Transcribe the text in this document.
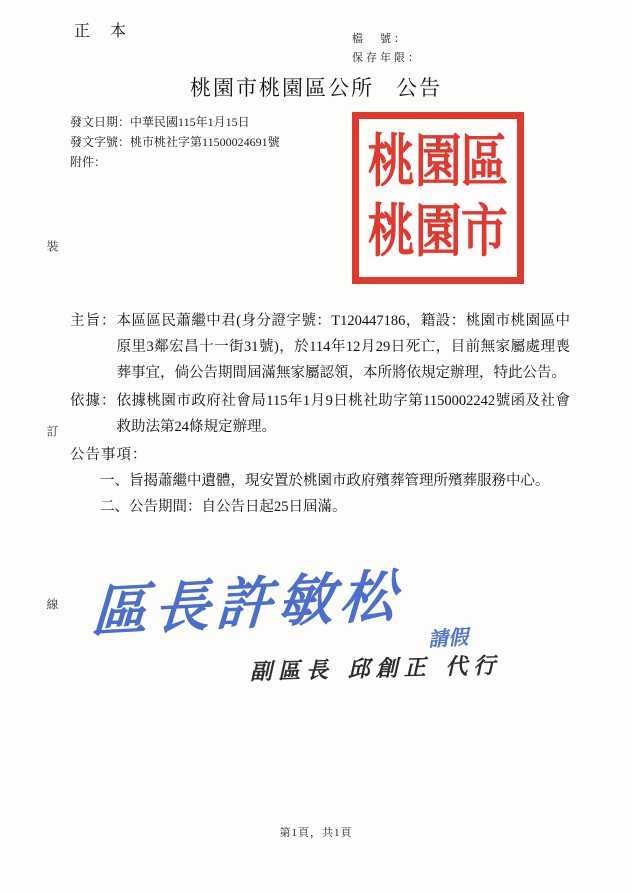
正 本	檔　號：
保存年限：
桃園市桃園區公所 公告
發文日期：中華民國115年1月15日
發文字號：桃市桃社字第11500024691號
附件：	桃 園 區
桃 園 市
裝
訂
線
主旨： 本區區民蕭繼中君(身分證字號：T120447186，籍設：桃園市桃園區中原里3鄰宏昌十一街31號)，於114年12月29日死亡，目前無家屬處理喪葬事宜，倘公告期間屆滿無家屬認領，本所將依規定辦理，特此公告。
依據： 依據桃園市政府社會局115年1月9日桃社助字第1150002242號函及社會救助法第24條規定辦理。
公告事項：
一、旨揭蕭繼中遺體，現安置於桃園市政府殯葬管理所殯葬服務中心。
二、公告期間：自公告日起25日屆滿。
區長許敏松 請假
副區長 邱創正 代行
第1頁，共1頁
